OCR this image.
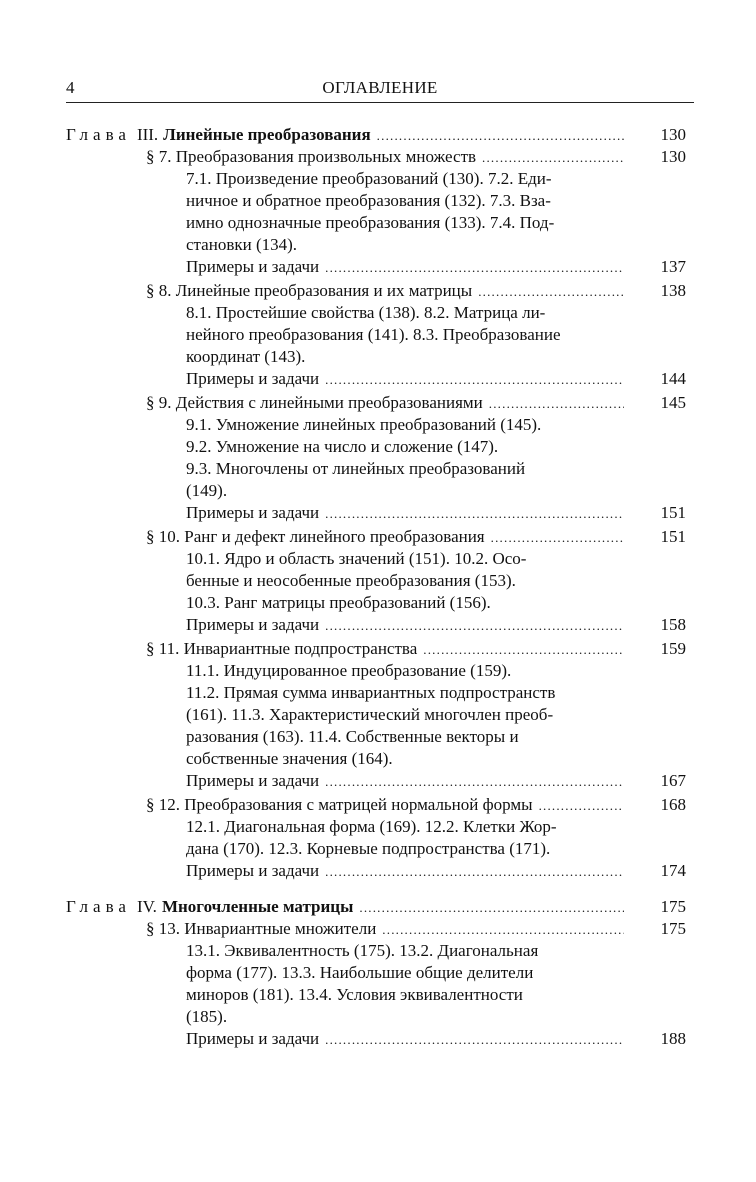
4	ОГЛАВЛЕНИЕ
Глава III. Линейные преобразования .....	130
§ 7. Преобразования произвольных множеств .....	130
7.1. Произведение преобразований (130). 7.2. Еди-
ничное и обратное преобразования (132). 7.3. Вза-
имно однозначные преобразования (133). 7.4. Под-
становки (134).
Примеры и задачи .....	137
§ 8. Линейные преобразования и их матрицы .....	138
8.1. Простейшие свойства (138). 8.2. Матрица ли-
нейного преобразования (141). 8.3. Преобразование
координат (143).
Примеры и задачи .....	144
§ 9. Действия с линейными преобразованиями .....	145
9.1. Умножение линейных преобразований (145).
9.2. Умножение на число и сложение (147).
9.3. Многочлены от линейных преобразований
(149).
Примеры и задачи .....	151
§ 10. Ранг и дефект линейного преобразования .....	151
10.1. Ядро и область значений (151). 10.2. Осо-
бенные и неособенные преобразования (153).
10.3. Ранг матрицы преобразований (156).
Примеры и задачи .....	158
§ 11. Инвариантные подпространства .....	159
11.1. Индуцированное преобразование (159).
11.2. Прямая сумма инвариантных подпространств
(161). 11.3. Характеристический многочлен преоб-
разования (163). 11.4. Собственные векторы и
собственные значения (164).
Примеры и задачи .....	167
§ 12. Преобразования с матрицей нормальной формы .....	168
12.1. Диагональная форма (169). 12.2. Клетки Жор-
дана (170). 12.3. Корневые подпространства (171).
Примеры и задачи .....	174
Глава IV. Многочленные матрицы .....	175
§ 13. Инвариантные множители .....	175
13.1. Эквивалентность (175). 13.2. Диагональная
форма (177). 13.3. Наибольшие общие делители
миноров (181). 13.4. Условия эквивалентности
(185).
Примеры и задачи .....	188
